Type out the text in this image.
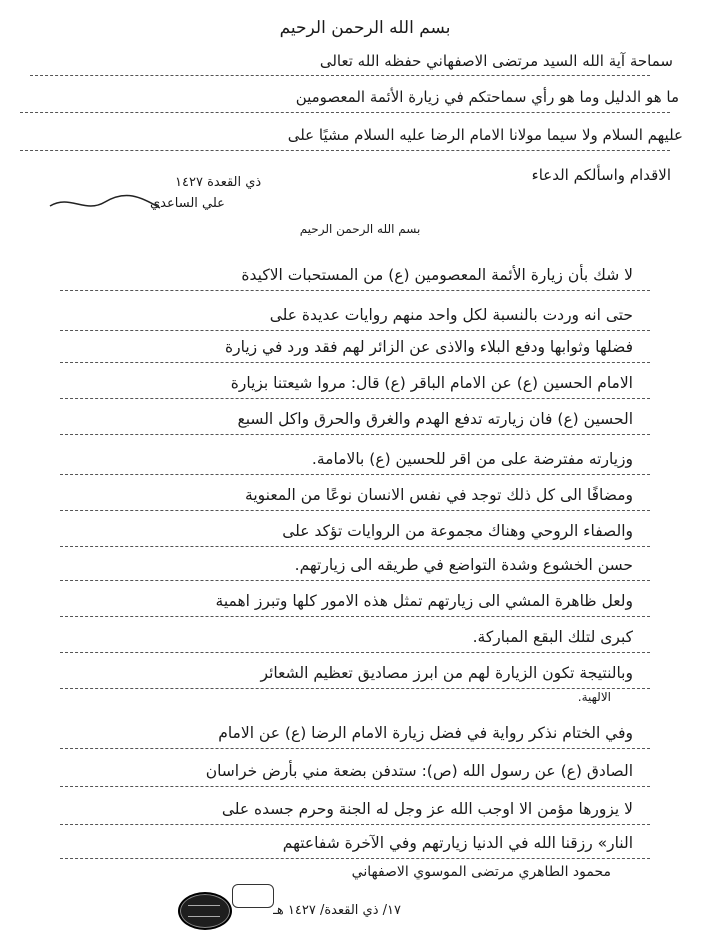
بسم الله الرحمن الرحيم
سماحة آية الله السيد مرتضى الاصفهاني حفظه الله تعالى
ما هو الدليل وما هو رأي سماحتكم في زيارة الأئمة المعصومين
عليهم السلام ولا سيما مولانا الامام الرضا عليه السلام مشيًا على
الاقدام واسألكم الدعاء
ذي القعدة ١٤٢٧
علي الساعدي
بسم الله الرحمن الرحيم
لا شك بأن زيارة الأئمة المعصومين (ع) من المستحبات الاكيدة
حتى انه وردت بالنسبة لكل واحد منهم روايات عديدة على
فضلها وثوابها ودفع البلاء والاذى عن الزائر لهم فقد ورد في زيارة
الامام الحسين (ع) عن الامام الباقر (ع) قال: مروا شيعتنا بزيارة
الحسين (ع) فان زيارته تدفع الهدم والغرق والحرق واكل السبع
وزيارته مفترضة على من اقر للحسين (ع) بالامامة.
ومضافًا الى كل ذلك توجد في نفس الانسان نوعًا من المعنوية
والصفاء الروحي وهناك مجموعة من الروايات تؤكد على
حسن الخشوع وشدة التواضع في طريقه الى زيارتهم.
ولعل ظاهرة المشي الى زيارتهم تمثل هذه الامور كلها وتبرز اهمية
كبرى لتلك البقع المباركة.
وبالنتيجة تكون الزيارة لهم من ابرز مصاديق تعظيم الشعائر
الالهية.
وفي الختام نذكر رواية في فضل زيارة الامام الرضا (ع) عن الامام
الصادق (ع) عن رسول الله (ص): ستدفن بضعة مني بأرض خراسان
لا يزورها مؤمن الا اوجب الله عز وجل له الجنة وحرم جسده على
النار» رزقنا الله في الدنيا زيارتهم وفي الآخرة شفاعتهم
محمود الطاهري مرتضى الموسوي الاصفهاني
١٧/ ذي القعدة/ ١٤٢٧ هـ
